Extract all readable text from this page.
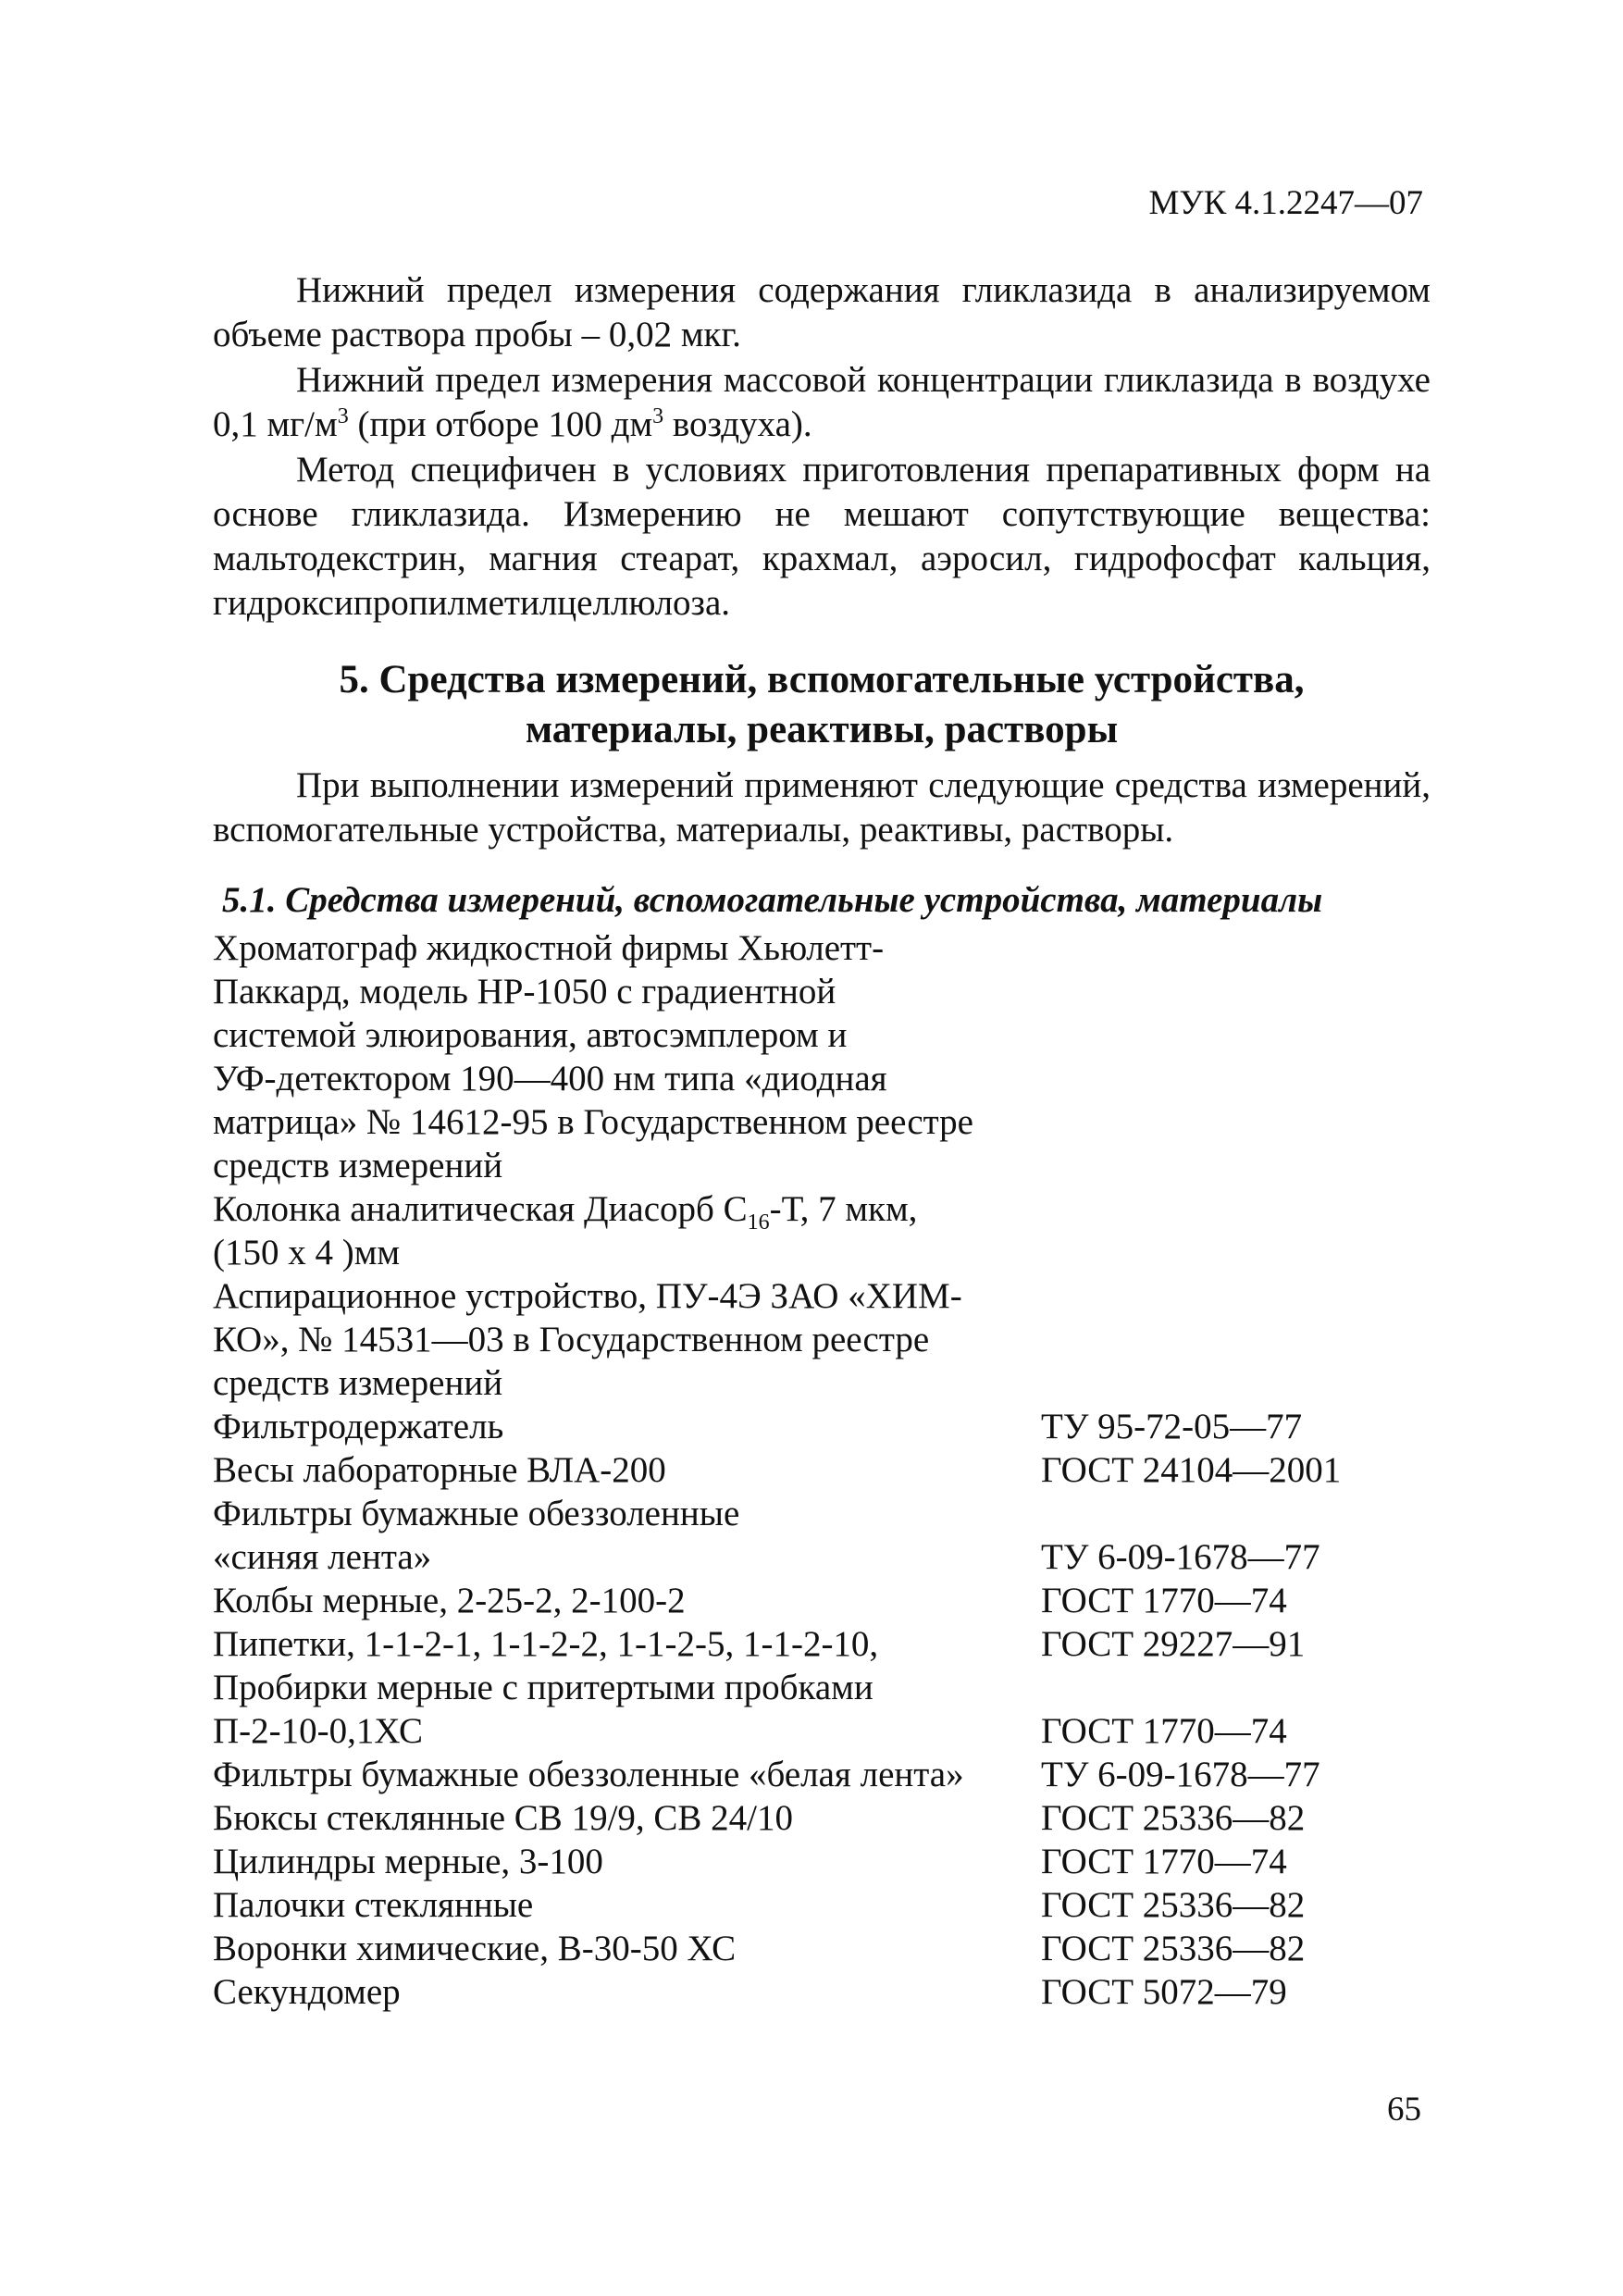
МУК 4.1.2247—07

Нижний предел измерения содержания гликлазида в анализируемом объеме раствора пробы – 0,02 мкг.

Нижний предел измерения массовой концентрации гликлазида в воздухе 0,1 $мг/м^3$ (при отборе 100 $дм^3$ воздуха).

Метод специфичен в условиях приготовления препаративных форм на основе гликлазида. Измерению не мешают сопутствующие вещества: мальтодекстрин, магния стеарат, крахмал, аэросил, гидрофосфат кальция, гидроксипропилметилцеллюлоза.

5. Средства измерений, вспомогательные устройства,
материалы, реактивы, растворы

При выполнении измерений применяют следующие средства измерений, вспомогательные устройства, материалы, реактивы, растворы.

5.1. Средства измерений, вспомогательные устройства, материалы
Хроматограф жидкостной фирмы Хьюлетт-
Паккард, модель НР-1050 с градиентной
системой элюирования, автосэмплером и
УФ-детектором 190—400 нм типа «диодная
матрица» № 14612-95 в Государственном реестре
средств измерений
Колонка аналитическая Диасорб $С_{16}-Т$, 7 мкм,
(150 х 4 )мм
Аспирационное устройство, ПУ-4Э ЗАО «ХИМ-
КО», № 14531—03 в Государственном реестре
средств измерений
Фильтродержатель	ТУ 95-72-05—77
Весы лабораторные ВЛА-200	ГОСТ 24104—2001
Фильтры бумажные обеззоленные
«синяя лента»	ТУ 6-09-1678—77
Колбы мерные, 2-25-2, 2-100-2	ГОСТ 1770—74
Пипетки, 1-1-2-1, 1-1-2-2, 1-1-2-5, 1-1-2-10,	ГОСТ 29227—91
Пробирки мерные с притертыми пробками
П-2-10-0,1ХС	ГОСТ 1770—74
Фильтры бумажные обеззоленные «белая лента»	ТУ 6-09-1678—77
Бюксы стеклянные СВ 19/9, СВ 24/10	ГОСТ 25336—82
Цилиндры мерные, 3-100	ГОСТ 1770—74
Палочки стеклянные	ГОСТ 25336—82
Воронки химические, В-30-50 ХС	ГОСТ 25336—82
Секундомер	ГОСТ 5072—79
65
